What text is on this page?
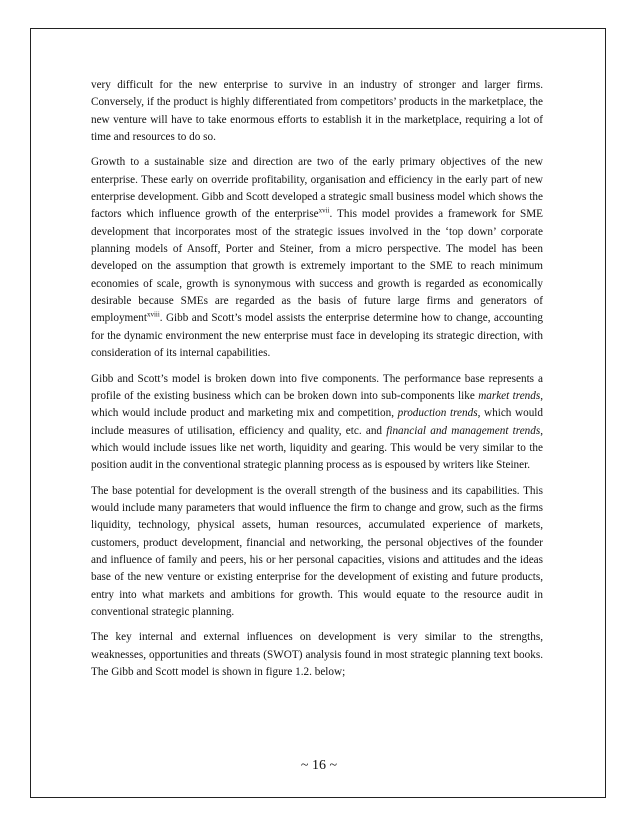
very difficult for the new enterprise to survive in an industry of stronger and larger firms. Conversely, if the product is highly differentiated from competitors’ products in the marketplace, the new venture will have to take enormous efforts to establish it in the marketplace, requiring a lot of time and resources to do so.

Growth to a sustainable size and direction are two of the early primary objectives of the new enterprise. These early on override profitability, organisation and efficiency in the early part of new enterprise development. Gibb and Scott developed a strategic small business model which shows the factors which influence growth of the enterprise$^{xvii}$. This model provides a framework for SME development that incorporates most of the strategic issues involved in the ‘top down’ corporate planning models of Ansoff, Porter and Steiner, from a micro perspective. The model has been developed on the assumption that growth is extremely important to the SME to reach minimum economies of scale, growth is synonymous with success and growth is regarded as economically desirable because SMEs are regarded as the basis of future large firms and generators of employment$^{xviii}$. Gibb and Scott’s model assists the enterprise determine how to change, accounting for the dynamic environment the new enterprise must face in developing its strategic direction, with consideration of its internal capabilities.

Gibb and Scott’s model is broken down into five components. The performance base represents a profile of the existing business which can be broken down into sub-components like market trends, which would include product and marketing mix and competition, production trends, which would include measures of utilisation, efficiency and quality, etc. and financial and management trends, which would include issues like net worth, liquidity and gearing. This would be very similar to the position audit in the conventional strategic planning process as is espoused by writers like Steiner.

The base potential for development is the overall strength of the business and its capabilities. This would include many parameters that would influence the firm to change and grow, such as the firms liquidity, technology, physical assets, human resources, accumulated experience of markets, customers, product development, financial and networking, the personal objectives of the founder and influence of family and peers, his or her personal capacities, visions and attitudes and the ideas base of the new venture or existing enterprise for the development of existing and future products, entry into what markets and ambitions for growth. This would equate to the resource audit in conventional strategic planning.

The key internal and external influences on development is very similar to the strengths, weaknesses, opportunities and threats (SWOT) analysis found in most strategic planning text books. The Gibb and Scott model is shown in figure 1.2. below;

~ 16 ~
